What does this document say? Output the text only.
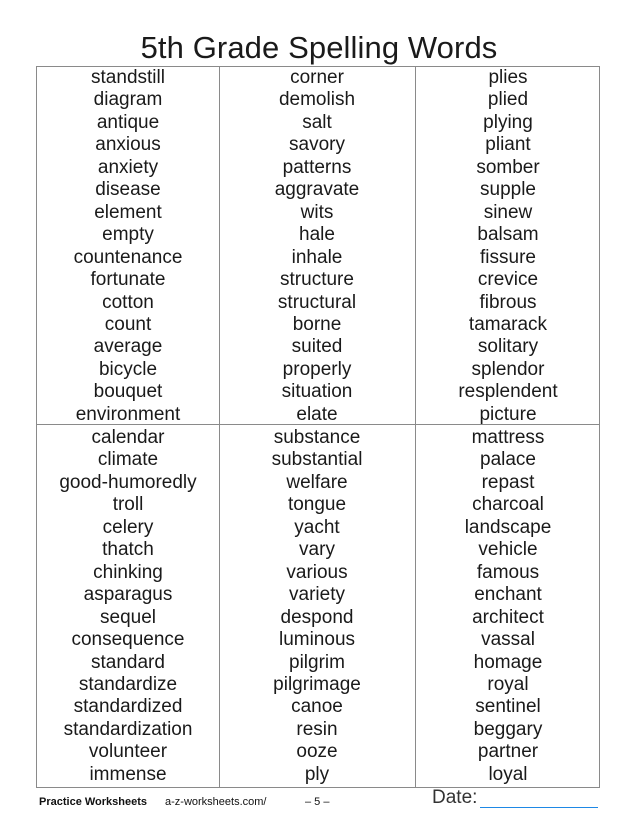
5th Grade Spelling Words
standstill
diagram
antique
anxious
anxiety
disease
element
empty
countenance
fortunate
cotton
count
average
bicycle
bouquet
environment
calendar
climate
good-humoredly
troll
celery
thatch
chinking
asparagus
sequel
consequence
standard
standardize
standardized
standardization
volunteer
immense
corner
demolish
salt
savory
patterns
aggravate
wits
hale
inhale
structure
structural
borne
suited
properly
situation
elate
substance
substantial
welfare
tongue
yacht
vary
various
variety
despond
luminous
pilgrim
pilgrimage
canoe
resin
ooze
ply
plies
plied
plying
pliant
somber
supple
sinew
balsam
fissure
crevice
fibrous
tamarack
solitary
splendor
resplendent
picture
mattress
palace
repast
charcoal
landscape
vehicle
famous
enchant
architect
vassal
homage
royal
sentinel
beggary
partner
loyal
Practice Worksheets a-z-worksheets.com/	– 5 –	Date:
